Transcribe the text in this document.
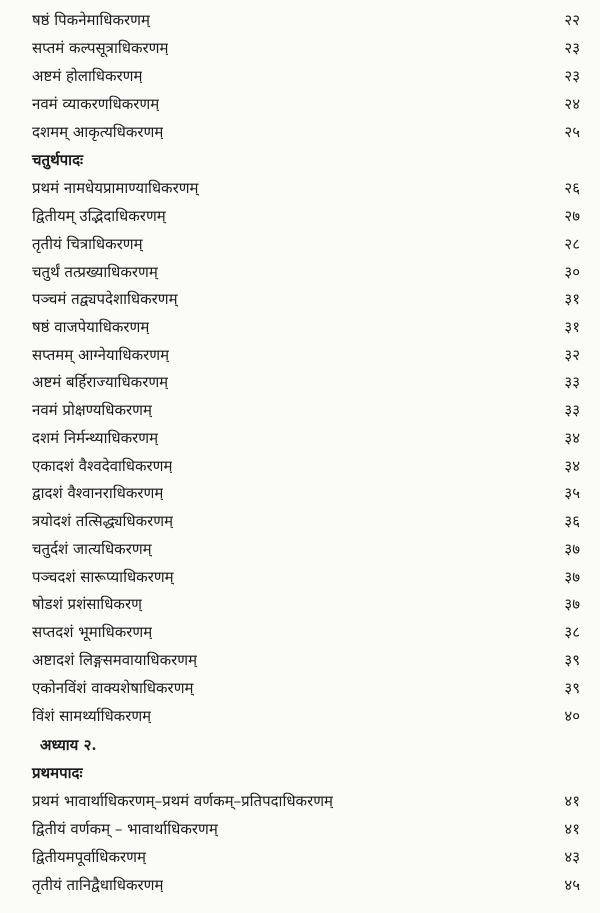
षष्ठं पिकनेमाधिकरणम्	२२
सप्तमं कल्पसूत्राधिकरणम्	२३
अष्टमं होलाधिकरणम्	२३
नवमं व्याकरणधिकरणम्	२४
दशमम् आकृत्यधिकरणम्	२५
चतुर्थपादः
प्रथमं नामधेयप्रामाण्याधिकरणम्	२६
द्वितीयम् उद्भिदाधिकरणम्	२७
तृतीयं चित्राधिकरणम्	२८
चतुर्थं तत्प्रख्याधिकरणम्	३०
पञ्चमं तद्व्यपदेशाधिकरणम्	३१
षष्ठं वाजपेयाधिकरणम्	३१
सप्तमम् आग्नेयाधिकरणम्	३२
अष्टमं बर्हिराज्याधिकरणम्	३३
नवमं प्रोक्षण्यधिकरणम्	३३
दशमं निर्मन्थ्याधिकरणम्	३४
एकादशं वैश्वदेवाधिकरणम्	३४
द्वादशं वैश्वानराधिकरणम्	३५
त्रयोदशं तत्सिद्ध्यधिकरणम्	३६
चतुर्दशं जात्यधिकरणम्	३७
पञ्चदशं सारूप्याधिकरणम्	३७
षोडशं प्रशंसाधिकरण्	३७
सप्तदशं भूमाधिकरणम्	३८
अष्टादशं लिङ्गसमवायाधिकरणम्	३९
एकोनविंशं वाक्यशेषाधिकरणम्	३९
विंशं सामर्थ्याधिकरणम्	४०
अध्याय २.
प्रथमपादः
प्रथमं भावार्थाधिकरणम्–प्रथमं वर्णकम्–प्रतिपदाधिकरणम्	४१
द्वितीयं वर्णकम् – भावार्थाधिकरणम्	४१
द्वितीयमपूर्वाधिकरणम्	४३
तृतीयं तानिद्वैधाधिकरणम्	४५
